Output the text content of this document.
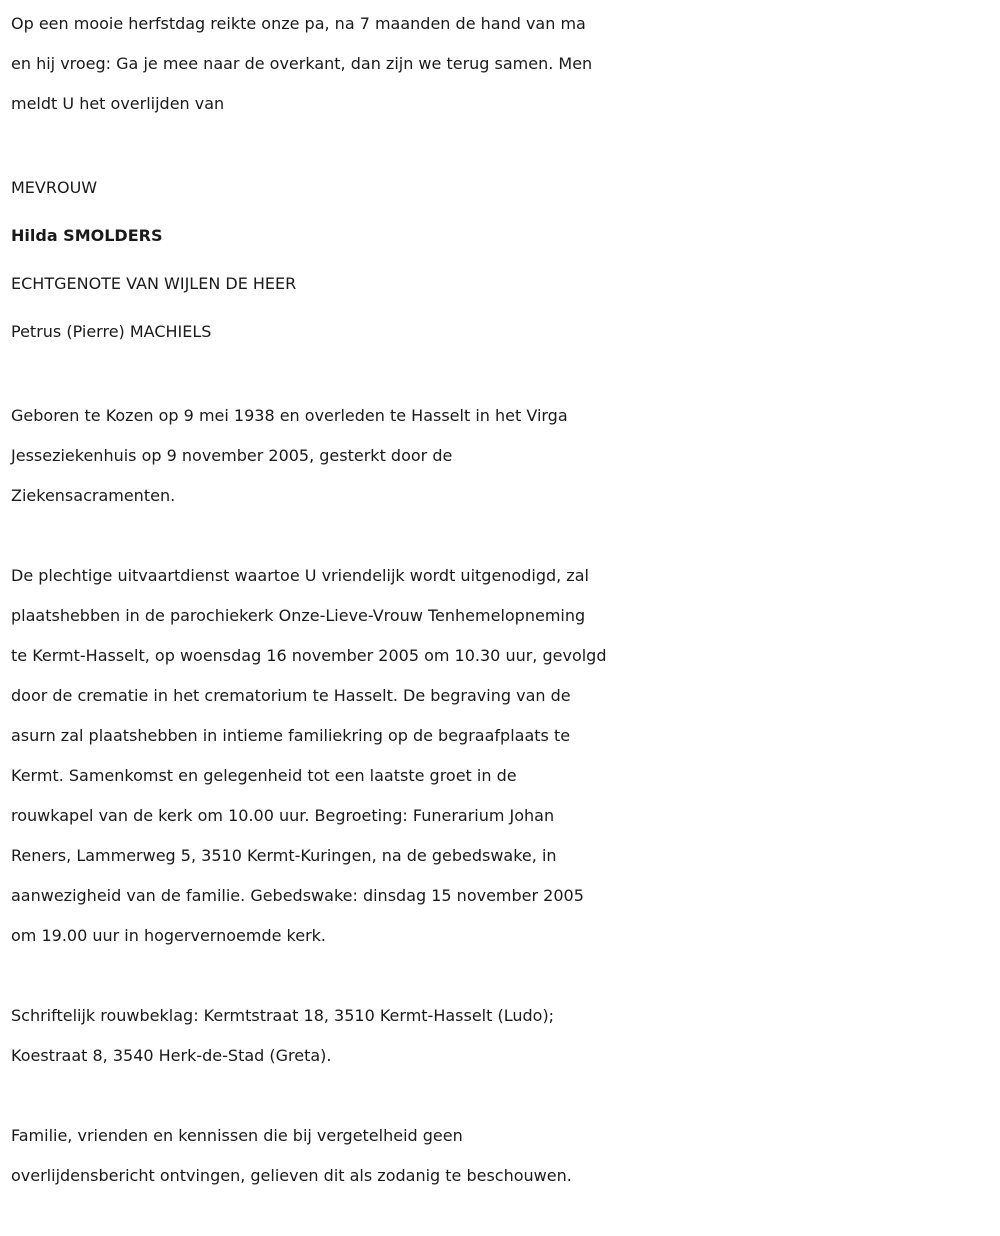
Op een mooie herfstdag reikte onze pa, na 7 maanden de hand van ma
en hij vroeg: Ga je mee naar de overkant, dan zijn we terug samen. Men
meldt U het overlijden van
MEVROUW
Hilda SMOLDERS
ECHTGENOTE VAN WIJLEN DE HEER
Petrus (Pierre) MACHIELS
Geboren te Kozen op 9 mei 1938 en overleden te Hasselt in het Virga
Jesseziekenhuis op 9 november 2005, gesterkt door de
Ziekensacramenten.
De plechtige uitvaartdienst waartoe U vriendelijk wordt uitgenodigd, zal
plaatshebben in de parochiekerk Onze-Lieve-Vrouw Tenhemelopneming
te Kermt-Hasselt, op woensdag 16 november 2005 om 10.30 uur, gevolgd
door de crematie in het crematorium te Hasselt. De begraving van de
asurn zal plaatshebben in intieme familiekring op de begraafplaats te
Kermt. Samenkomst en gelegenheid tot een laatste groet in de
rouwkapel van de kerk om 10.00 uur. Begroeting: Funerarium Johan
Reners, Lammerweg 5, 3510 Kermt-Kuringen, na de gebedswake, in
aanwezigheid van de familie. Gebedswake: dinsdag 15 november 2005
om 19.00 uur in hogervernoemde kerk.
Schriftelijk rouwbeklag: Kermtstraat 18, 3510 Kermt-Hasselt (Ludo);
Koestraat 8, 3540 Herk-de-Stad (Greta).
Familie, vrienden en kennissen die bij vergetelheid geen
overlijdensbericht ontvingen, gelieven dit als zodanig te beschouwen.
